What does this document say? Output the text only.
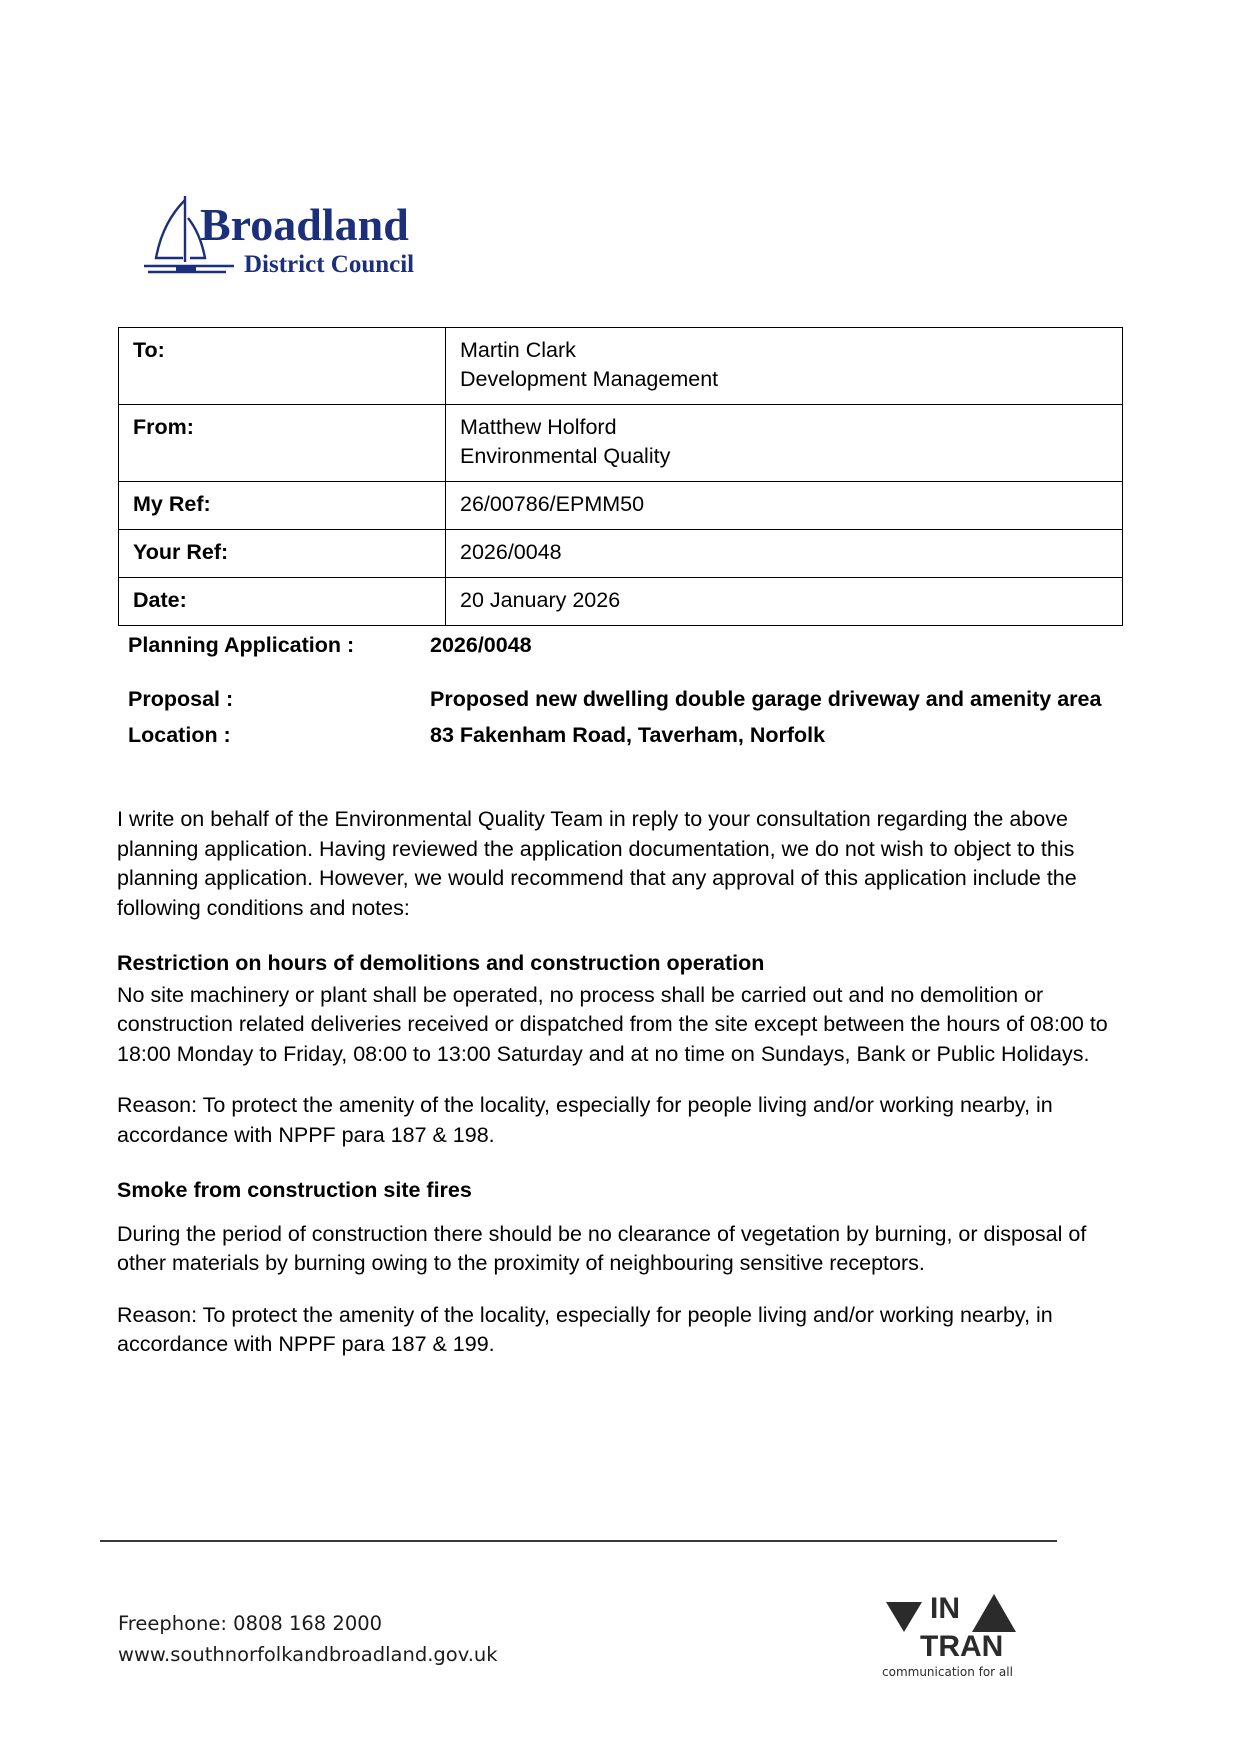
Broadland
District Council
To:	Martin Clark
Development Management

From:	Matthew Holford
Environmental Quality

My Ref:	26/00786/EPMM50
Your Ref:	2026/0048
Date:	20 January 2026
Planning Application :	2026/0048
Proposal :	Proposed new dwelling double garage driveway and amenity area
Location :	83 Fakenham Road, Taverham, Norfolk

I write on behalf of the Environmental Quality Team in reply to your consultation regarding the above planning application. Having reviewed the application documentation, we do not wish to object to this planning application. However, we would recommend that any approval of this application include the following conditions and notes:

Restriction on hours of demolitions and construction operation

No site machinery or plant shall be operated, no process shall be carried out and no demolition or construction related deliveries received or dispatched from the site except between the hours of 08:00 to 18:00 Monday to Friday, 08:00 to 13:00 Saturday and at no time on Sundays, Bank or Public Holidays.

Reason: To protect the amenity of the locality, especially for people living and/or working nearby, in accordance with NPPF para 187 & 198.

Smoke from construction site fires

During the period of construction there should be no clearance of vegetation by burning, or disposal of other materials by burning owing to the proximity of neighbouring sensitive receptors.

Reason: To protect the amenity of the locality, especially for people living and/or working nearby, in accordance with NPPF para 187 & 199.

Freephone: 0808 168 2000
www.southnorfolkandbroadland.gov.uk
IN
TRAN
communication for all
